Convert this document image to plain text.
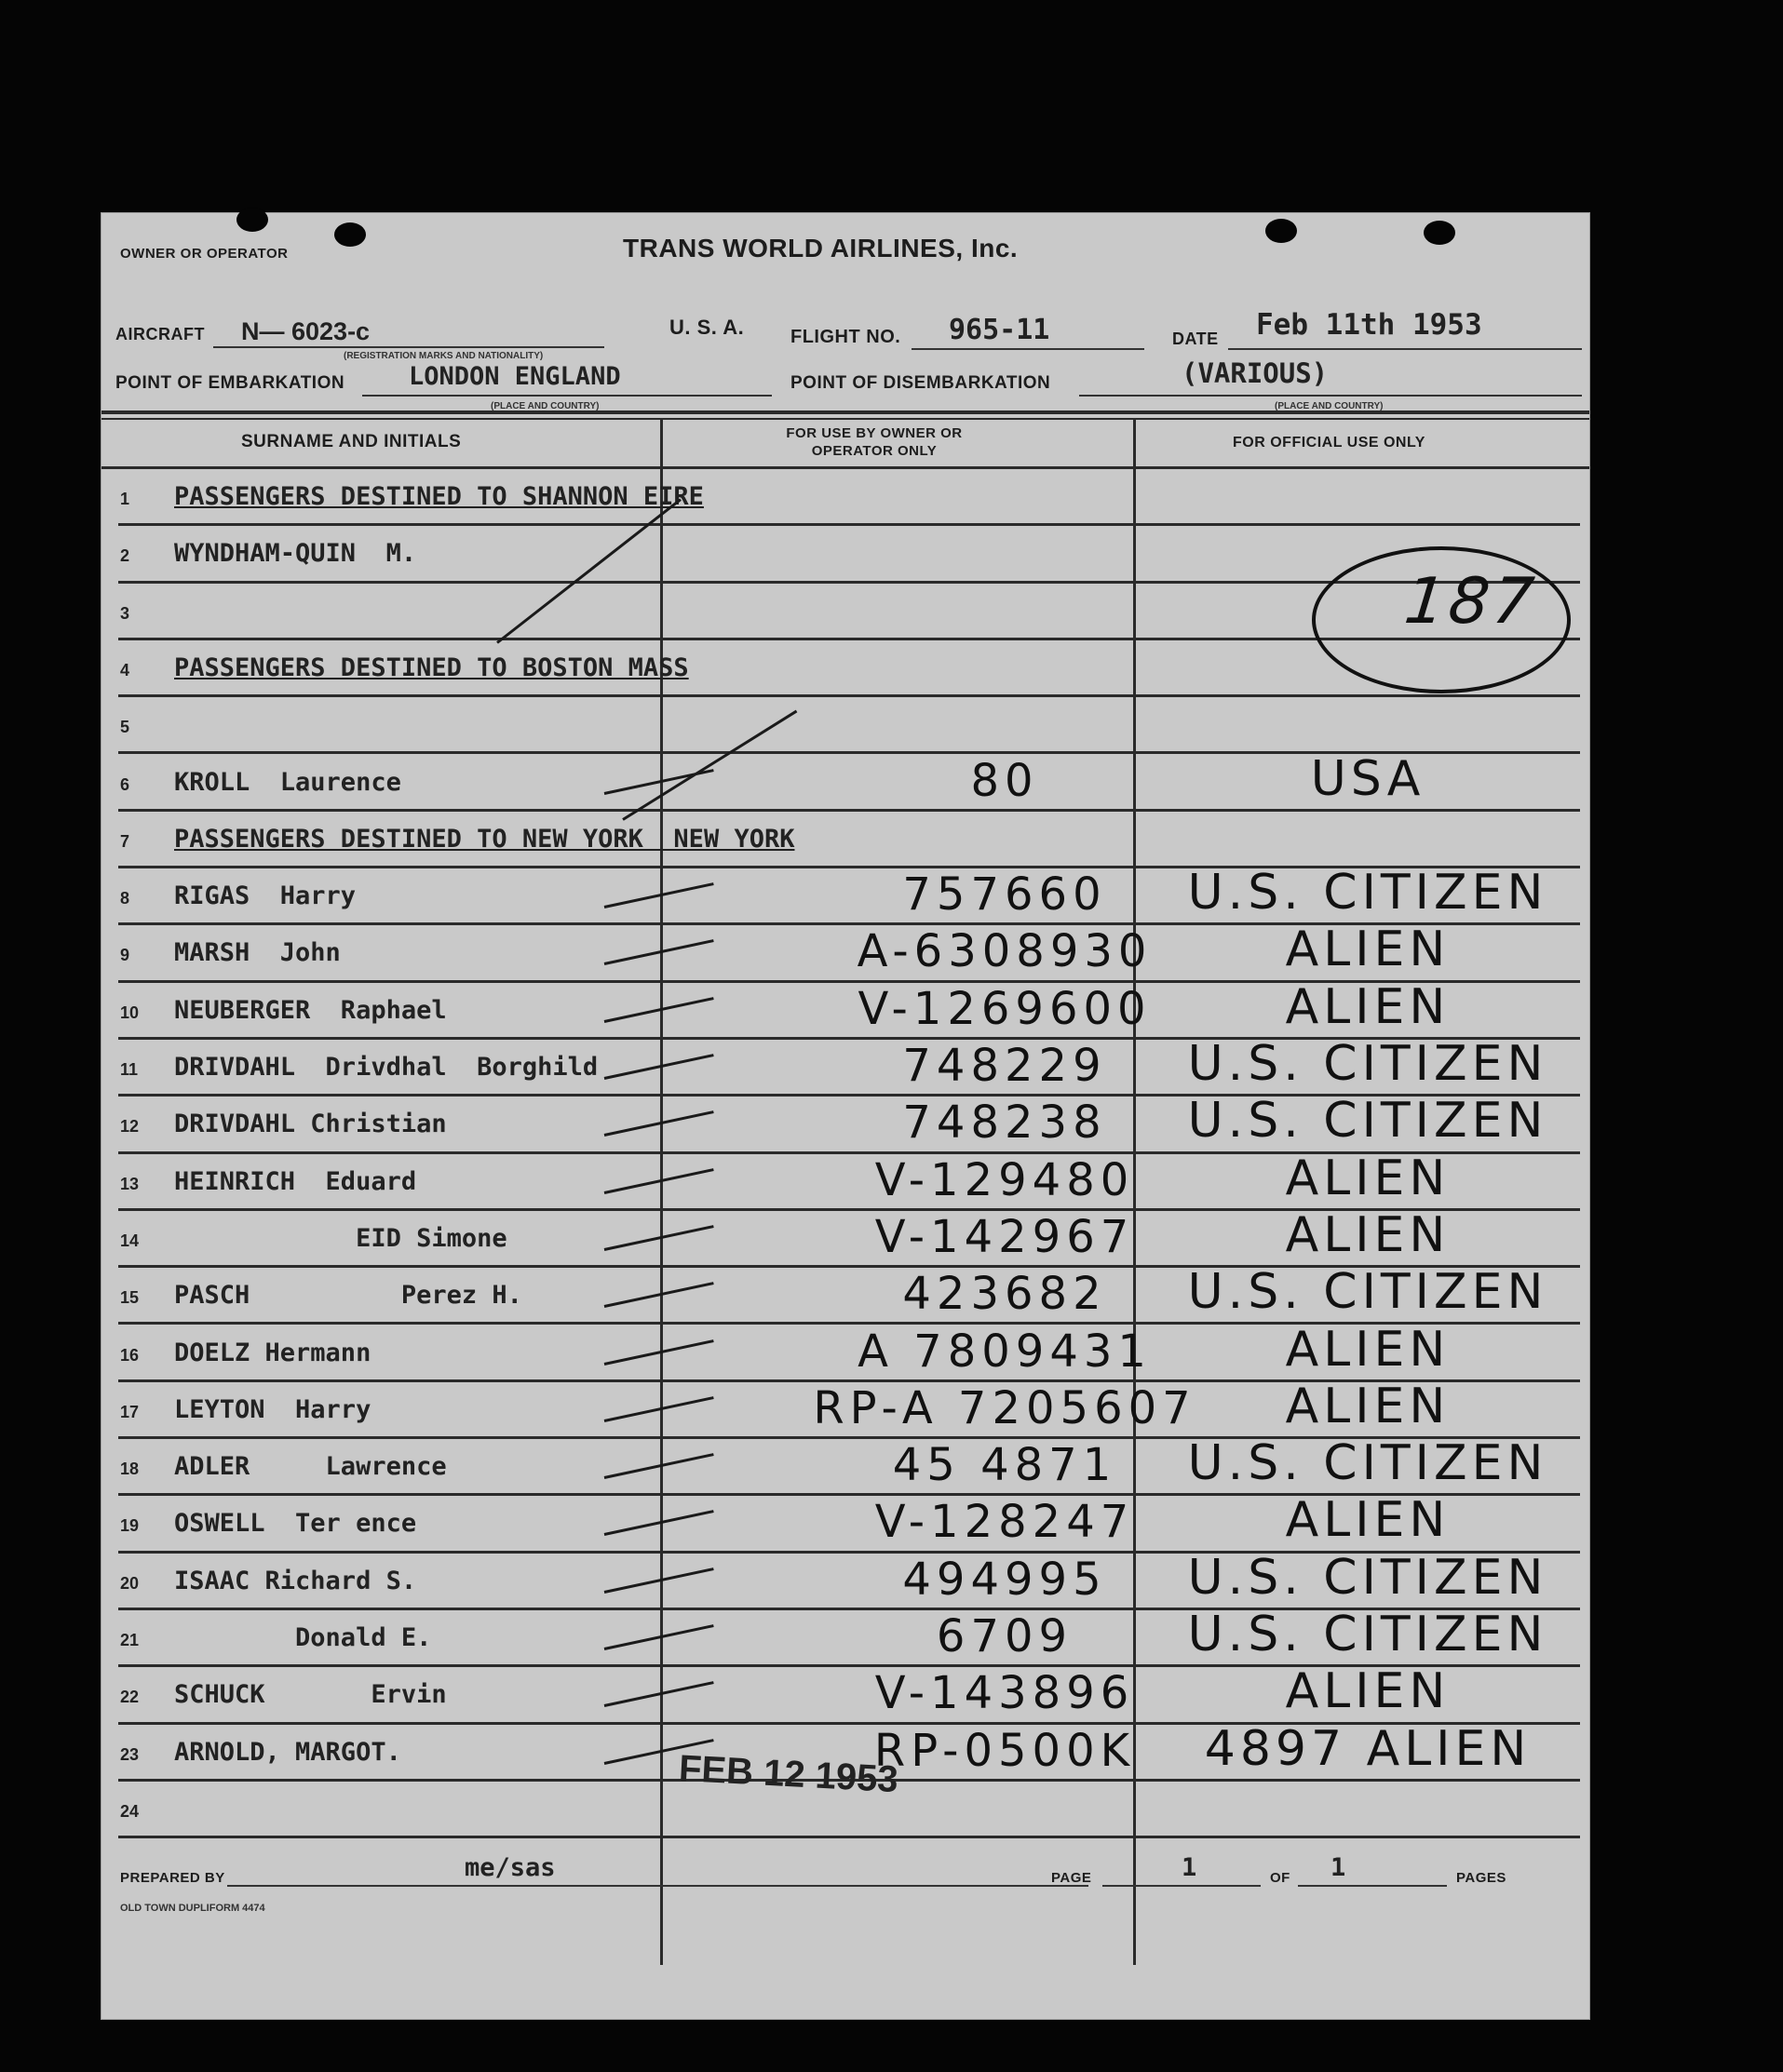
OWNER OR OPERATOR	TRANS WORLD AIRLINES, Inc.
AIRCRAFT N— 6023-c
(REGISTRATION MARKS AND NATIONALITY)
U. S. A. FLIGHT NO. 965-11	DATE Feb 11th 1953
POINT OF EMBARKATION	LONDON ENGLAND
(PLACE AND COUNTRY)
POINT OF DISEMBARKATION	(VARIOUS)
(PLACE AND COUNTRY)
SURNAME AND INITIALS	FOR USE BY OWNER OR OPERATOR ONLY
FOR OFFICIAL USE ONLY
1 PASSENGERS DESTINED TO SHANNON EIRE
2 WYNDHAM-QUIN  M.
3
4 PASSENGERS DESTINED TO BOSTON MASS
5
6 KROLL  Laurence	80	USA
7 PASSENGERS DESTINED TO NEW YORK  NEW YORK
8 RIGAS  Harry	757660	U.S. CITIZEN
9 MARSH  John	A-6308930	ALIEN
10 NEUBERGER  Raphael	V-1269600	ALIEN
11 DRIVDAHL  Drivdhal  Borghild	748229	U.S. CITIZEN
12 DRIVDAHL Christian	748238	U.S. CITIZEN
13 HEINRICH  Eduard	V-129480	ALIEN
14 EID Simone	V-142967	ALIEN
15 PASCH          Perez H.	423682	U.S. CITIZEN
16 DOELZ Hermann	A 7809431	ALIEN
17 LEYTON  Harry	RP-A 7205607	ALIEN
18 ADLER     Lawrence	45 4871	U.S. CITIZEN
19 OSWELL  Ter ence	V-128247	ALIEN
20 ISAAC Richard S.	494995	U.S. CITIZEN
21 Donald E.	6709	U.S. CITIZEN
22 SCHUCK       Ervin	V-143896	ALIEN
23 ARNOLD, MARGOT.	RP-0500K	4897 ALIEN
24
187
FEB 12 1953
PREPARED BY	me/sas	PAGE	1	OF 1	PAGES
OLD TOWN DUPLIFORM 4474
